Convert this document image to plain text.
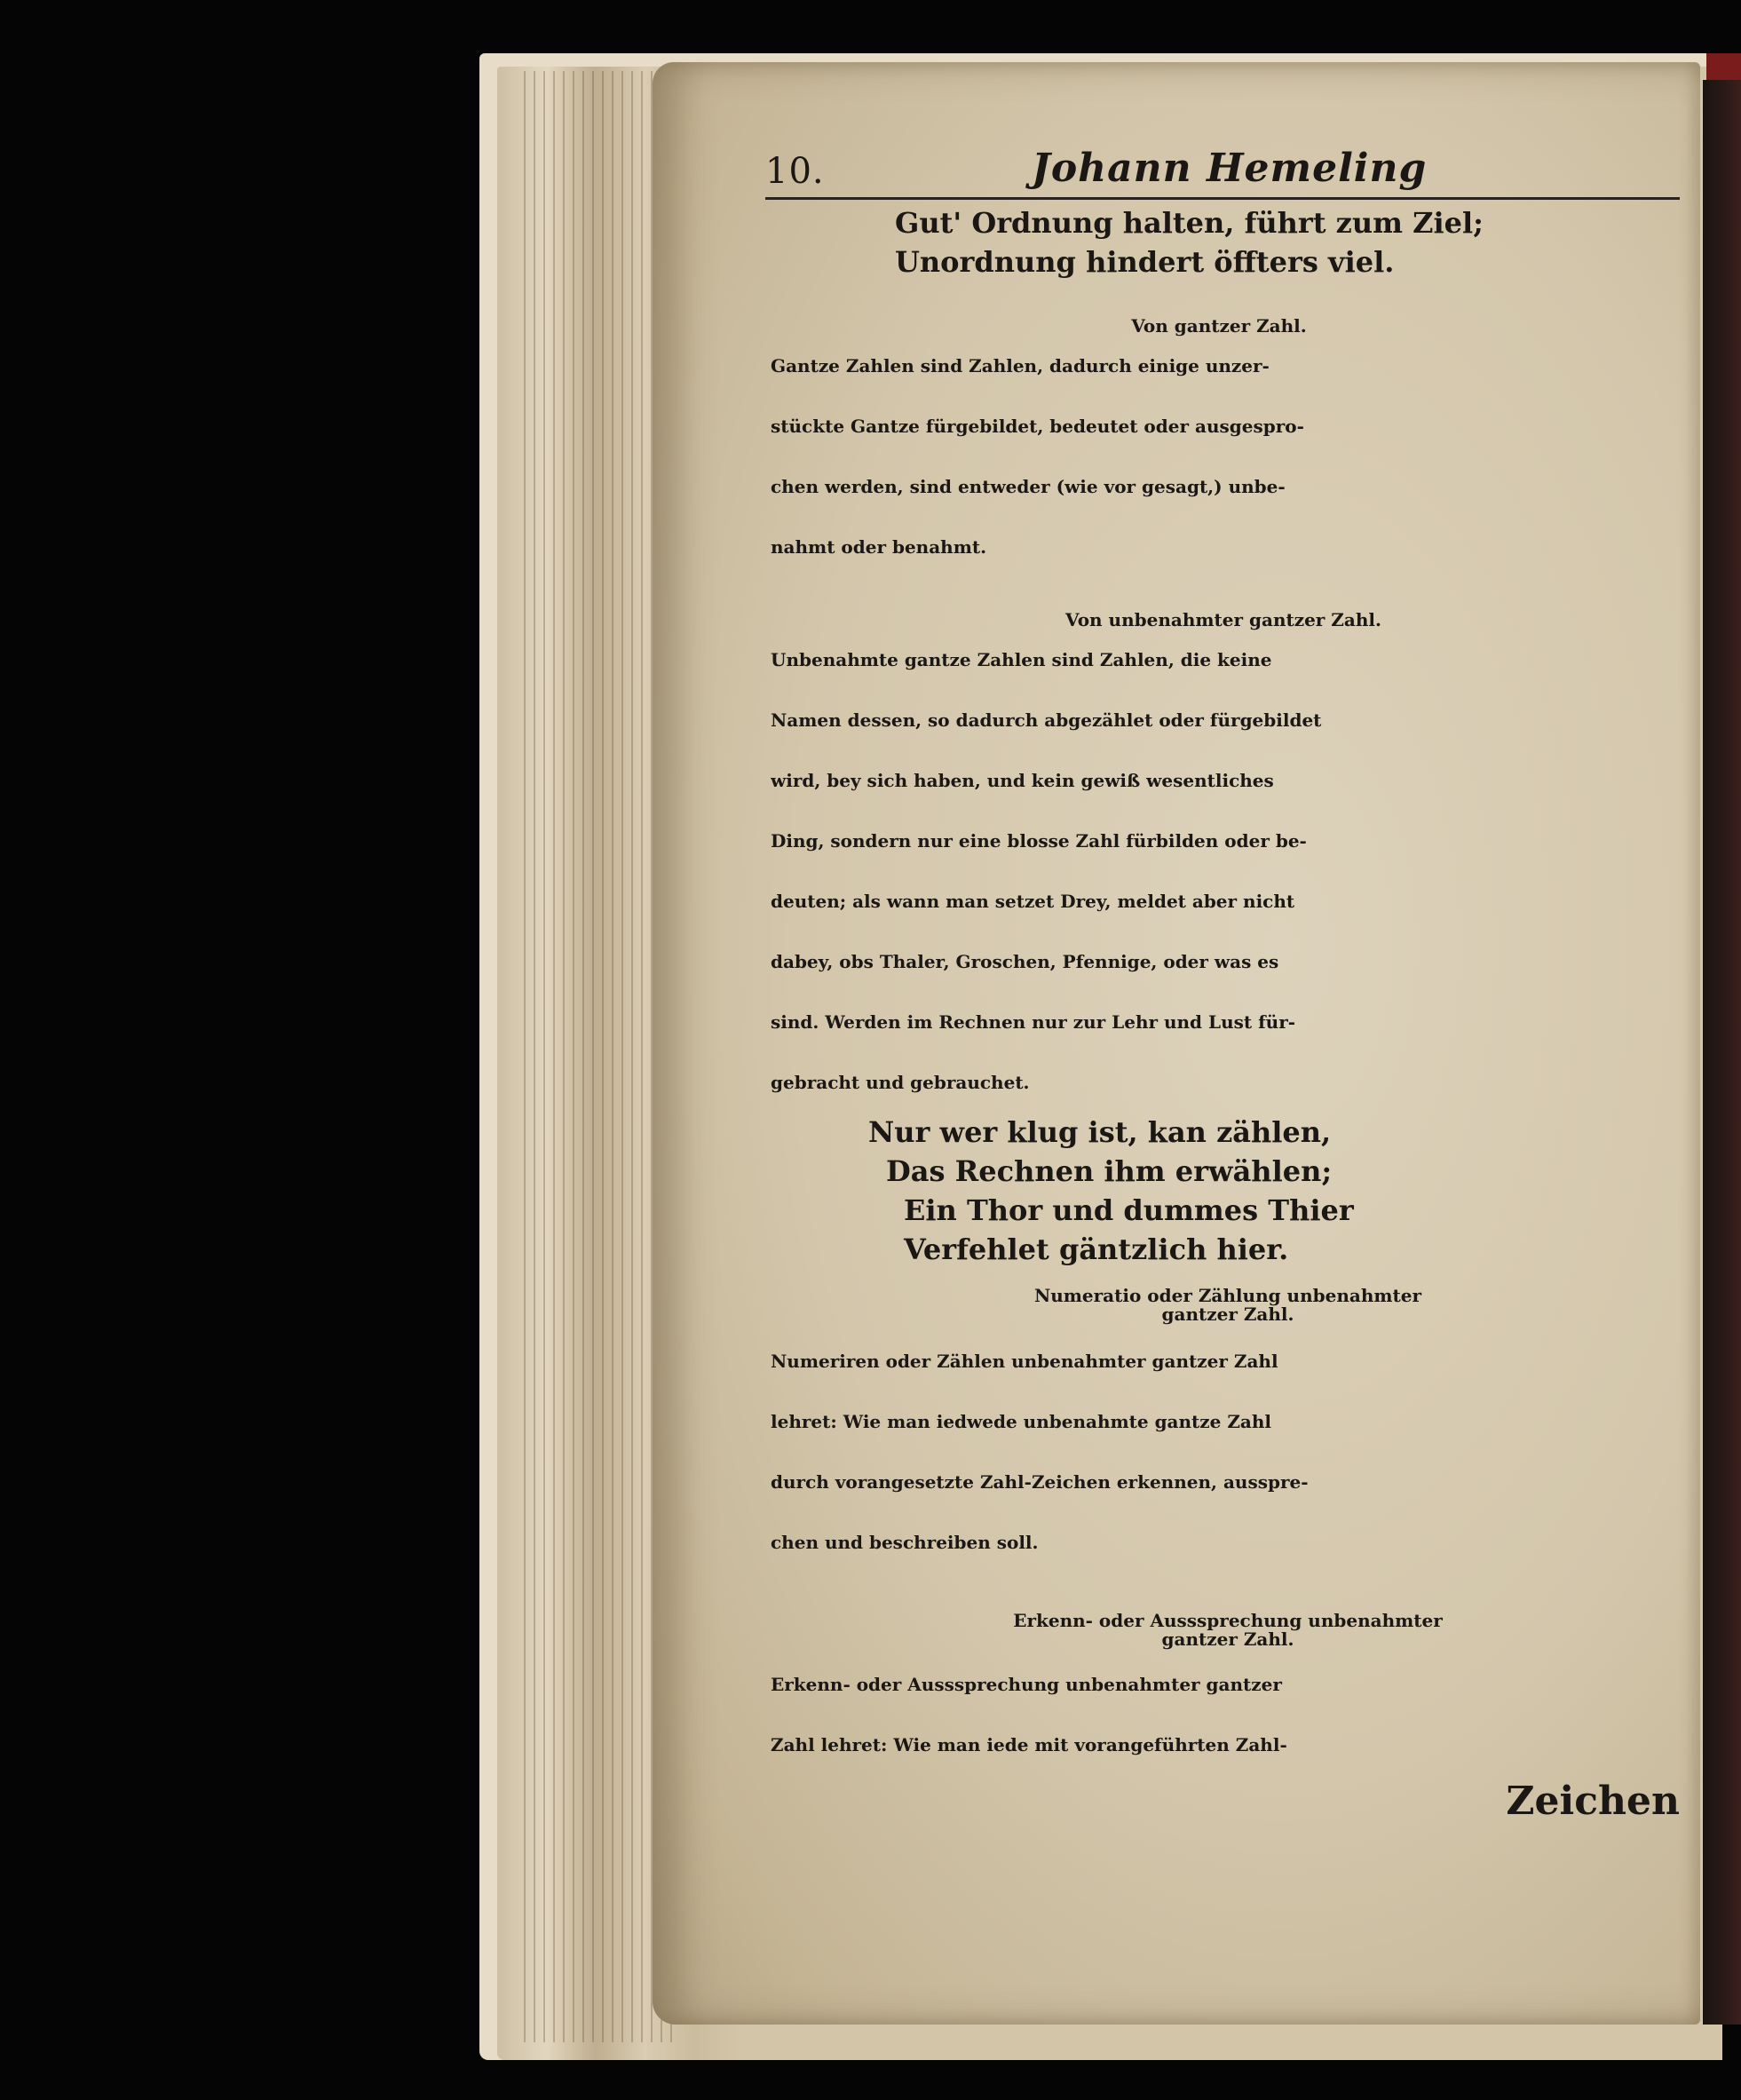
10.	Johann Hemeling
Gut' Ordnung halten, führt zum Ziel;
Unordnung hindert öffters viel.
Von gantzer Zahl.
Gantze Zahlen sind Zahlen, dadurch einige unzer-
stückte Gantze fürgebildet, bedeutet oder ausgespro-
chen werden, sind entweder (wie vor gesagt,) unbe-
nahmt oder benahmt.
Von unbenahmter gantzer Zahl.
Unbenahmte gantze Zahlen sind Zahlen, die keine
Namen dessen, so dadurch abgezählet oder fürgebildet
wird, bey sich haben, und kein gewiß wesentliches
Ding, sondern nur eine blosse Zahl fürbilden oder be-
deuten; als wann man setzet Drey, meldet aber nicht
dabey, obs Thaler, Groschen, Pfennige, oder was es
sind. Werden im Rechnen nur zur Lehr und Lust für-
gebracht und gebrauchet.
Nur wer klug ist, kan zählen,
Das Rechnen ihm erwählen;
Ein Thor und dummes Thier
Verfehlet gäntzlich hier.
Numeratio oder Zählung unbenahmter
gantzer Zahl.
Numeriren oder Zählen unbenahmter gantzer Zahl
lehret: Wie man iedwede unbenahmte gantze Zahl
durch vorangesetzte Zahl-Zeichen erkennen, ausspre-
chen und beschreiben soll.
Erkenn- oder Ausssprechung unbenahmter
gantzer Zahl.
Erkenn- oder Ausssprechung unbenahmter gantzer
Zahl lehret: Wie man iede mit vorangeführten Zahl-
Zeichen
